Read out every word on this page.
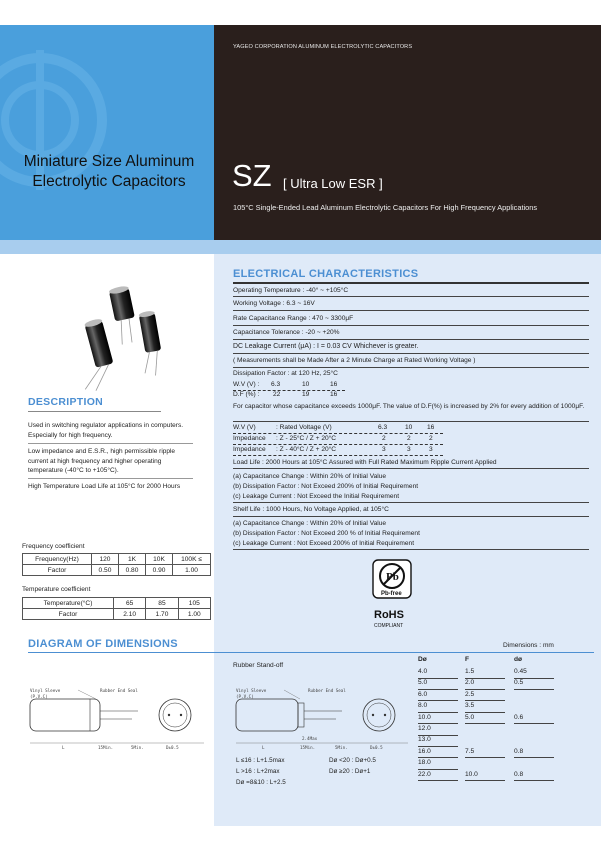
YAGEO CORPORATION ALUMINUM ELECTROLYTIC CAPACITORS
Miniature Size Aluminum
Electrolytic Capacitors	SZ [ Ultra Low ESR ]
105°C Single-Ended Lead Aluminum Electrolytic Capacitors For High Frequency Applications
DESCRIPTION
Used in switching regulator applications in computers. Especially for high frequency.
Low impedance and E.S.R., high permissible ripple current at high frequency and higher operating temperature (-40°C to +105°C).
High Temperature Load Life at 105°C for 2000 Hours
Frequency coefficient
Frequency(Hz)	120	1K	10K	100K ≤
Factor	0.50	0.80	0.90	1.00
Temperature coefficient
Temperature(°C)	65	85	105
Factor	2.10	1.70	1.00
ELECTRICAL CHARACTERISTICS
Operating Temperature : -40° ~ +105°C
Working Voltage : 6.3 ~ 16V
Rate Capacitance Range : 470 ~ 3300μF
Capacitance Tolerance : -20 ~ +20%
DC Leakage Current (μA) : I = 0.03 CV Whichever is greater.
( Measurements shall be Made After a 2 Minute Charge at Rated Working Voltage )
Dissipation Factor : at 120 Hz, 25°C
W.V (V) : 6.3	10	16
D.F (%) : 22	19	16
For capacitor whose capacitance exceeds 1000μF. The value of D.F(%) is increased by 2% for every addition of 1000μF.
W.V (V)	: Rated Voltage (V)	6.3	10 16
Impedance : Z - 25°C / Z + 20°C	2	2	2
Impedance : Z - 40°C / Z + 20°C	3	3	3
Load Life : 2000 Hours at 105°C Assured with Full Rated Maximum Ripple Current Applied
(a) Capacitance Change : Within 20% of Initial Value
(b) Dissipation Factor : Not Exceed 200% of Initial Requirement
(c) Leakage Current : Not Exceed the Initial Requirement
Shelf Life : 1000 Hours, No Voltage Applied, at 105°C
(a) Capacitance Change : Within 20% of Initial Value
(b) Dissipation Factor : Not Exceed 200 % of Initial Requirement
(c) Leakage Current : Not Exceed 200% of Initial Requirement
Pb
Pb-free
RoHS
COMPLIANT
DIAGRAM OF DIMENSIONS	Dimensions : mm
Rubber Stand-off
Vinyl Sleeve
(P.V.C)
Rubber End Seal
L	15Min.	5Min.	D±0.5
Vinyl Sleeve
(P.V.C)
Rubber End Seal
2.4Max
L	15Min.	5Min.	D±0.5
L ≤16 : L+1.5max
L >16 : L+2max
Dø =8&10 : L+2.5
Dø <20 : Dø+0.5
Dø ≥20 : Dø+1
Dø	F	dø
4.0	1.5	0.45
5.0	2.0	0.5
6.0	2.5
8.0	3.5
10.0	5.0	0.6
12.0
13.0
16.0	7.5	0.8
18.0
22.0	10.0	0.8
